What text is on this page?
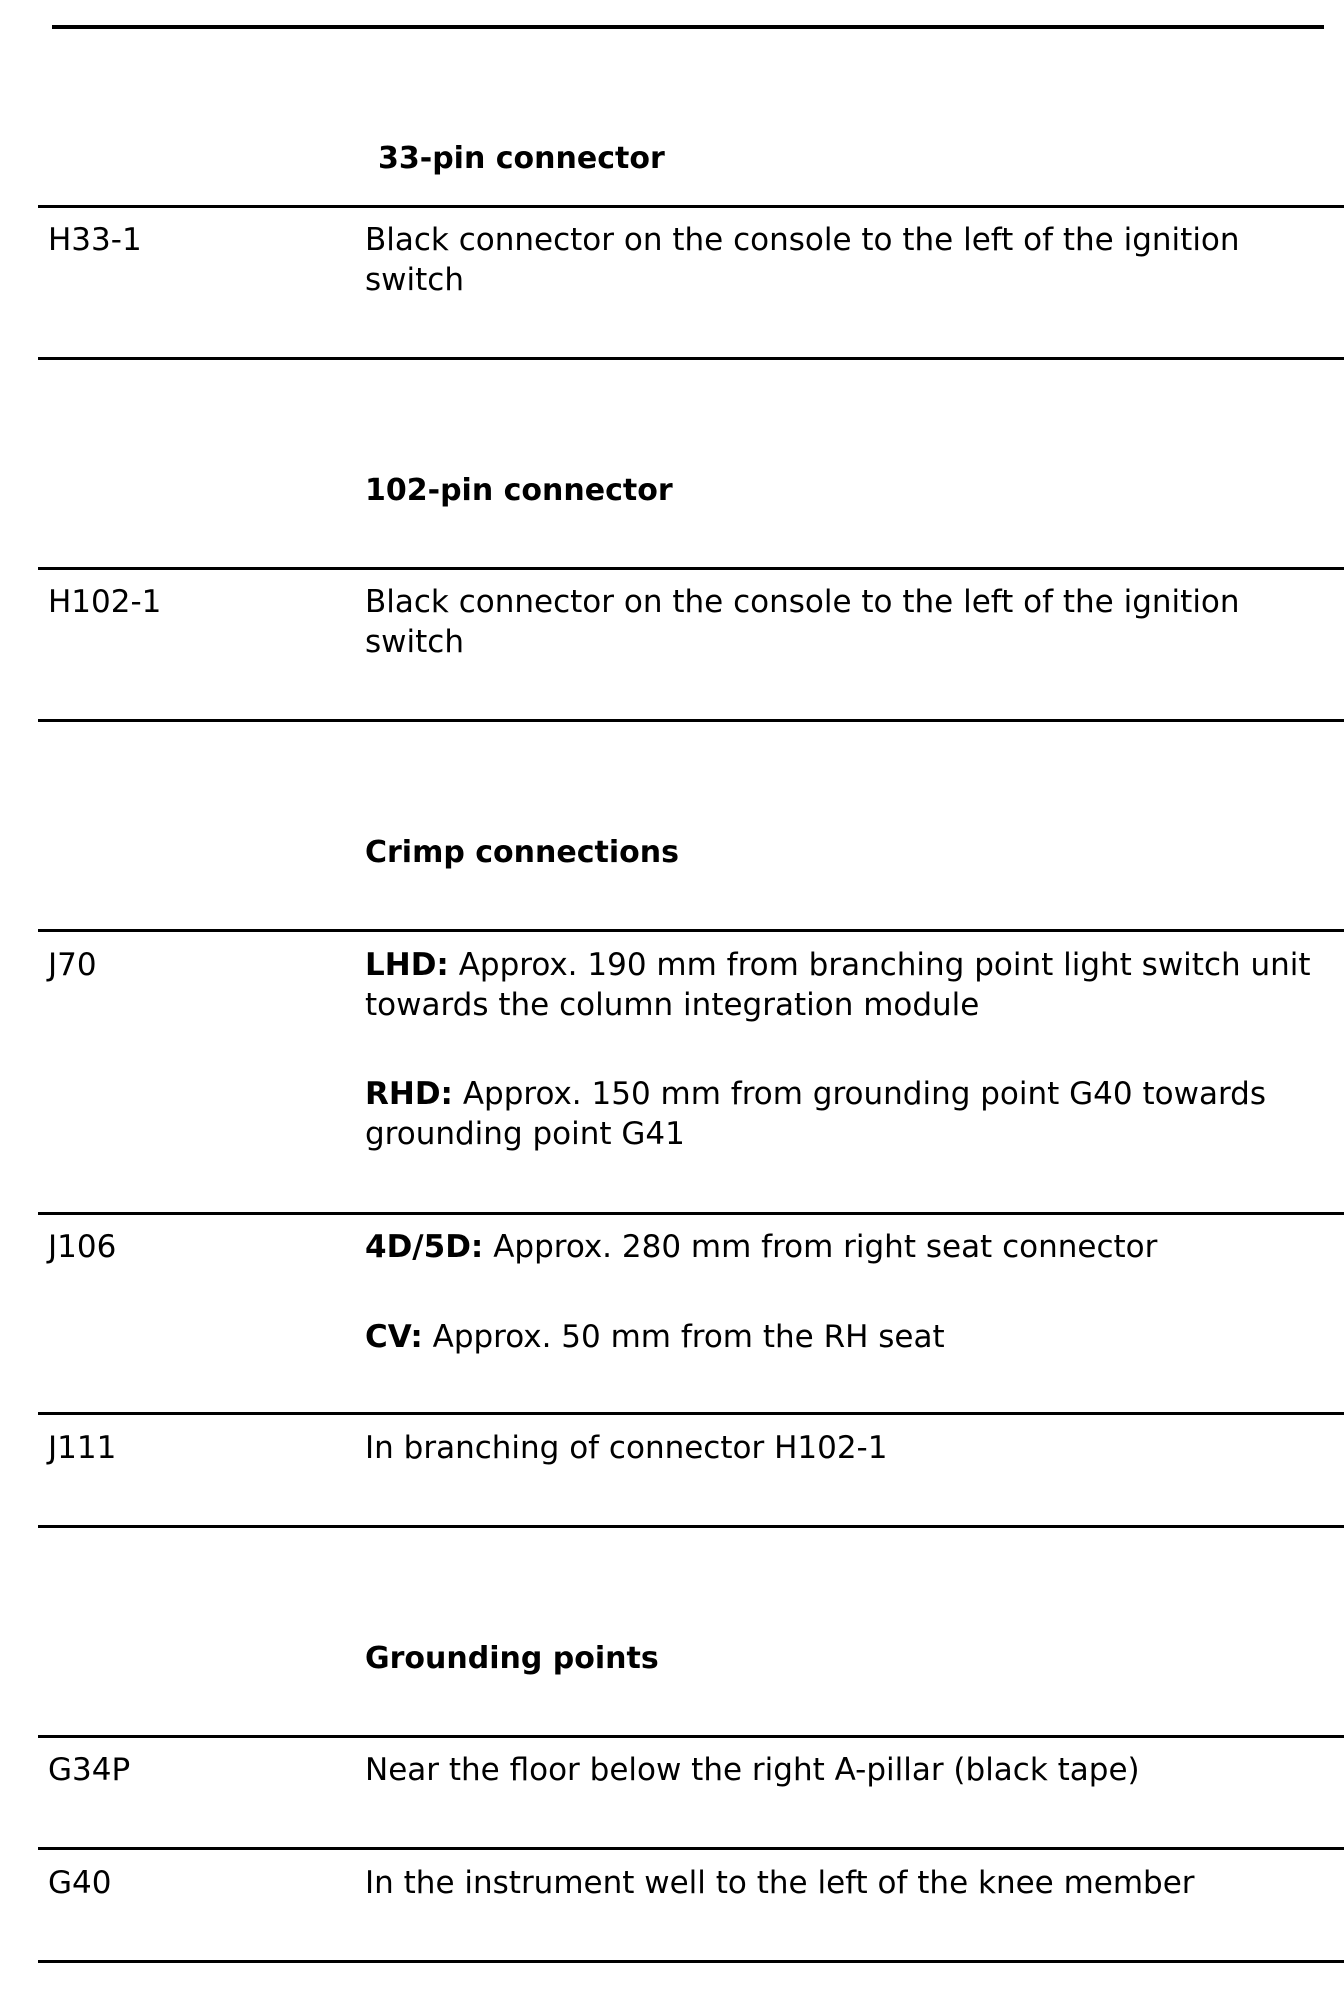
33-pin connector
H33-1	Black connector on the console to the left of the ignition switch
102-pin connector
H102-1	Black connector on the console to the left of the ignition switch
Crimp connections
J70	LHD: Approx. 190 mm from branching point light switch unit towards the column integration module
RHD: Approx. 150 mm from grounding point G40 towards grounding point G41
J106	4D/5D: Approx. 280 mm from right seat connector
CV: Approx. 50 mm from the RH seat
J111	In branching of connector H102-1
Grounding points
G34P	Near the floor below the right A-pillar (black tape)
G40	In the instrument well to the left of the knee member
